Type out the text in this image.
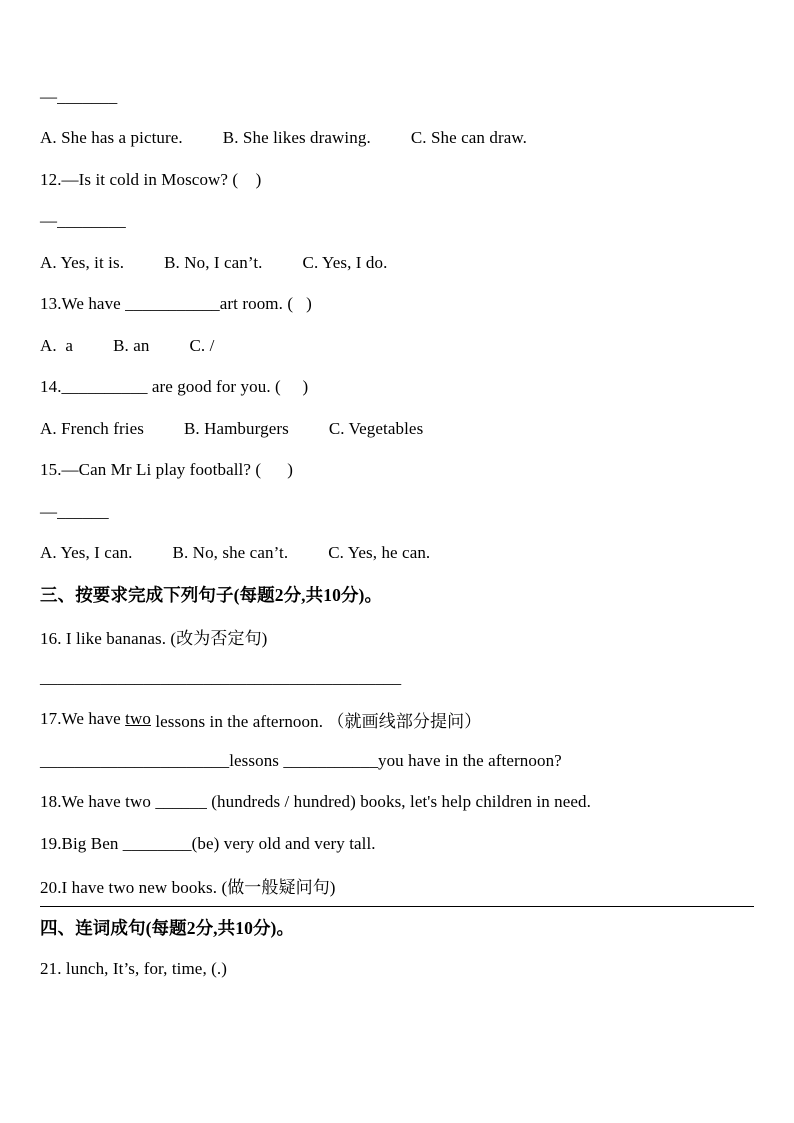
—_______
A. She has a picture. B. She likes drawing. C. She can draw.
12.—Is it cold in Moscow? (    )
—________
A. Yes, it is. B. No, I can’t. C. Yes, I do.
13.We have ___________art room. (   )
A.  a B. an C. /
14.__________ are good for you. (     )
A. French fries B. Hamburgers C. Vegetables
15.—Can Mr Li play football? (      )
—______
A. Yes, I can. B. No, she can’t. C. Yes, he can.
三、按要求完成下列句子(每题2分,共10分)。
16. I like bananas. (改为否定句)
__________________________________________
17.We have two lessons in the afternoon. （就画线部分提问）
______________________lessons ___________you have in the afternoon?
18.We have two ______ (hundreds / hundred) books, let's help children in need.
19.Big Ben ________(be) very old and very tall.
20.I have two new books. (做一般疑问句)
四、连词成句(每题2分,共10分)。
21. lunch, It’s, for, time, (.)
